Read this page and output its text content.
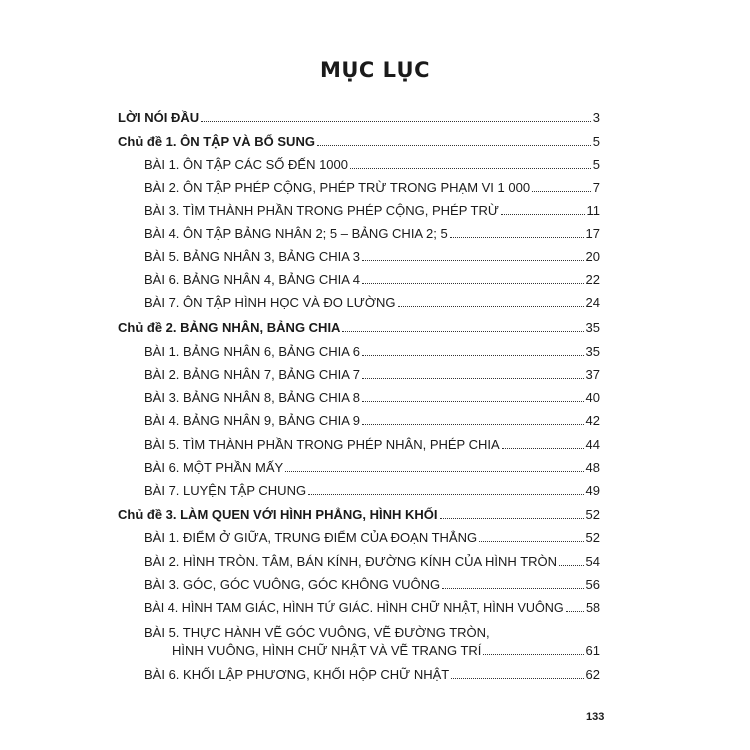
MỤC LỤC
LỜI NÓI ĐẦU	3
Chủ đề 1. ÔN TẬP VÀ BỔ SUNG	5
BÀI 1. ÔN TẬP CÁC SỐ ĐẾN 1000	5
BÀI 2. ÔN TẬP PHÉP CỘNG, PHÉP TRỪ TRONG PHẠM VI 1 000	7
BÀI 3. TÌM THÀNH PHẦN TRONG PHÉP CỘNG, PHÉP TRỪ	11
BÀI 4. ÔN TẬP BẢNG NHÂN 2; 5 – BẢNG CHIA 2; 5	17
BÀI 5. BẢNG NHÂN 3, BẢNG CHIA 3	20
BÀI 6. BẢNG NHÂN 4, BẢNG CHIA 4	22
BÀI 7. ÔN TẬP HÌNH HỌC VÀ ĐO LƯỜNG	24
Chủ đề 2. BẢNG NHÂN, BẢNG CHIA	35
BÀI 1. BẢNG NHÂN 6, BẢNG CHIA 6	35
BÀI 2. BẢNG NHÂN 7, BẢNG CHIA 7	37
BÀI 3. BẢNG NHÂN 8, BẢNG CHIA 8	40
BÀI 4. BẢNG NHÂN 9, BẢNG CHIA 9	42
BÀI 5. TÌM THÀNH PHẦN TRONG PHÉP NHÂN, PHÉP CHIA	44
BÀI 6. MỘT PHẦN MẤY	48
BÀI 7. LUYỆN TẬP CHUNG	49
Chủ đề 3. LÀM QUEN VỚI HÌNH PHẲNG, HÌNH KHỐI	52
BÀI 1. ĐIỂM Ở GIỮA, TRUNG ĐIỂM CỦA ĐOẠN THẲNG	52
BÀI 2. HÌNH TRÒN. TÂM, BÁN KÍNH, ĐƯỜNG KÍNH CỦA HÌNH TRÒN 54
BÀI 3. GÓC, GÓC VUÔNG, GÓC KHÔNG VUÔNG	56
BÀI 4. HÌNH TAM GIÁC, HÌNH TỨ GIÁC. HÌNH CHỮ NHẬT, HÌNH VUÔNG 58
BÀI 5. THỰC HÀNH VẼ GÓC VUÔNG, VẼ ĐƯỜNG TRÒN,
HÌNH VUÔNG, HÌNH CHỮ NHẬT VÀ VẼ TRANG TRÍ	61
BÀI 6. KHỐI LẬP PHƯƠNG, KHỐI HỘP CHỮ NHẬT	62
133
